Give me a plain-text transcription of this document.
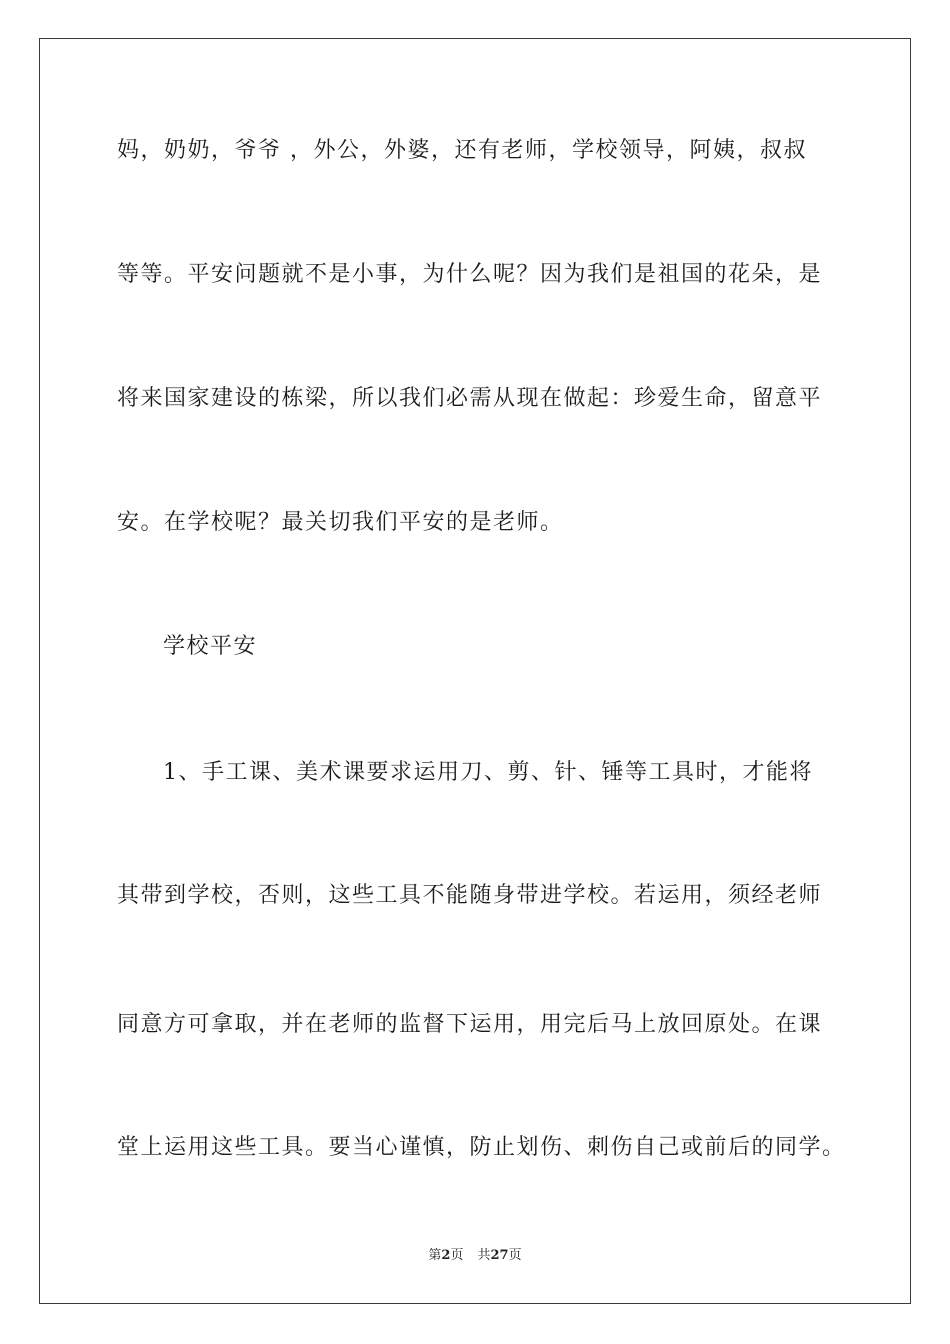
妈，奶奶，爷爷 ，外公，外婆，还有老师，学校领导，阿姨，叔叔
等等。平安问题就不是小事，为什么呢？因为我们是祖国的花朵，是
将来国家建设的栋梁，所以我们必需从现在做起：珍爱生命，留意平
安。在学校呢？最关切我们平安的是老师。
学校平安
1、手工课、美术课要求运用刀、剪、针、锤等工具时，才能将
其带到学校，否则，这些工具不能随身带进学校。若运用，须经老师
同意方可拿取，并在老师的监督下运用，用完后马上放回原处。在课
堂上运用这些工具。要当心谨慎，防止划伤、刺伤自己或前后的同学。
第2页 共27页
